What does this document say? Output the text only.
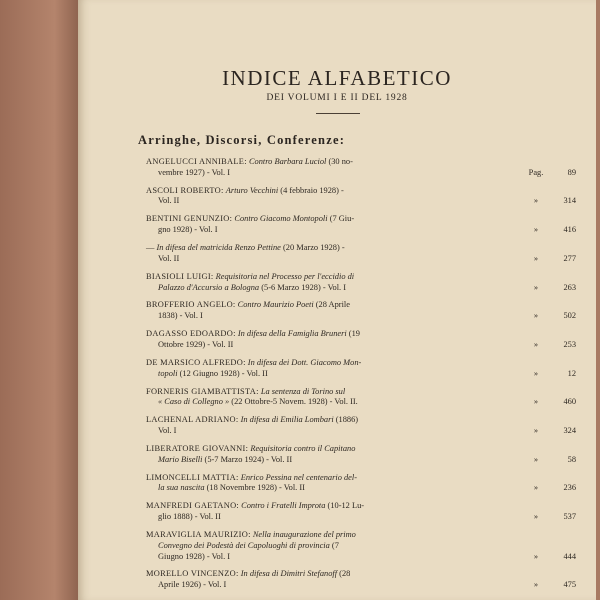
INDICE ALFABETICO
DEI VOLUMI I E II DEL 1928
Arringhe, Discorsi, Conferenze:
ANGELUCCI ANNIBALE: Contro Barbara Luciol (30 no-
vembre 1927) - Vol. I	Pag.	89
ASCOLI ROBERTO: Arturo Vecchini (4 febbraio 1928) -
Vol. II	»	314
BENTINI GENUNZIO: Contro Giacomo Montopoli (7 Giu-
gno 1928) - Vol. I	»	416
— In difesa del matricida Renzo Pettine (20 Marzo 1928) -
Vol. II	»	277
BIASIOLI LUIGI: Requisitoria nel Processo per l'eccidio di
Palazzo d'Accursio a Bologna (5-6 Marzo 1928) - Vol. I	»	263
BROFFERIO ANGELO: Contro Maurizio Poeti (28 Aprile
1838) - Vol. I	»	502
DAGASSO EDOARDO: In difesa della Famiglia Bruneri (19
Ottobre 1929) - Vol. II	»	253
DE MARSICO ALFREDO: In difesa dei Dott. Giacomo Mon-
topoli (12 Giugno 1928) - Vol. II	»	12
FORNERIS GIAMBATTISTA: La sentenza di Torino sul
« Caso di Collegno » (22 Ottobre-5 Novem. 1928) - Vol. II.	»	460
LACHENAL ADRIANO: In difesa di Emilia Lombari (1886)
Vol. I	»	324
LIBERATORE GIOVANNI: Requisitoria contro il Capitano
Mario Biselli (5-7 Marzo 1924) - Vol. II	»	58
LIMONCELLI MATTIA: Enrico Pessina nel centenario del-
la sua nascita (18 Novembre 1928) - Vol. II	»	236
MANFREDI GAETANO: Contro i Fratelli Improta (10-12 Lu-
glio 1888) - Vol. II	»	537
MARAVIGLIA MAURIZIO: Nella inaugurazione del primo
Convegno dei Podestà dei Capoluoghi di provincia (7
Giugno 1928) - Vol. I	»	444
MORELLO VINCENZO: In difesa di Dimitri Stefanoff (28
Aprile 1926) - Vol. I	»	475
